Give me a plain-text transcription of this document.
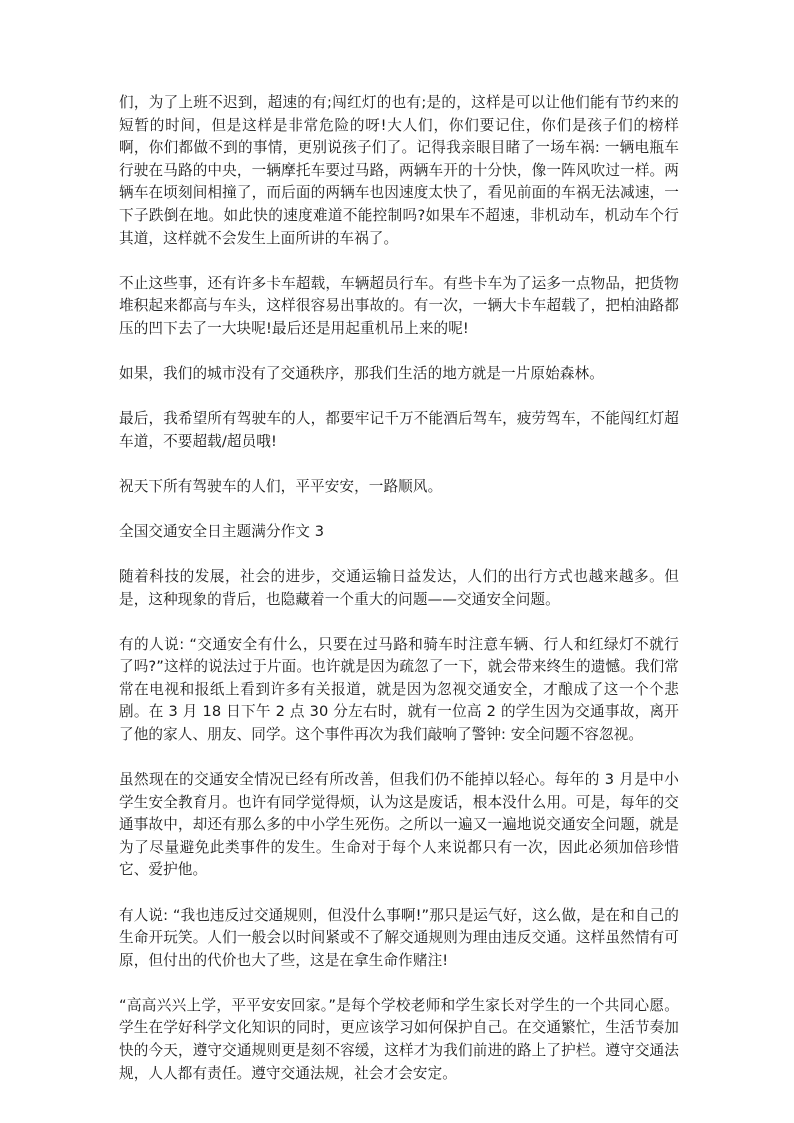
们，为了上班不迟到，超速的有;闯红灯的也有;是的，这样是可以让他们能有节约来的短暂的时间，但是这样是非常危险的呀!大人们，你们要记住，你们是孩子们的榜样啊，你们都做不到的事情，更别说孩子们了。记得我亲眼目睹了一场车祸: 一辆电瓶车行驶在马路的中央，一辆摩托车要过马路，两辆车开的十分快，像一阵风吹过一样。两辆车在顷刻间相撞了，而后面的两辆车也因速度太快了，看见前面的车祸无法减速，一下子跌倒在地。如此快的速度难道不能控制吗?如果车不超速，非机动车，机动车个行其道，这样就不会发生上面所讲的车祸了。

不止这些事，还有许多卡车超载，车辆超员行车。有些卡车为了运多一点物品，把货物堆积起来都高与车头，这样很容易出事故的。有一次，一辆大卡车超载了，把柏油路都压的凹下去了一大块呢!最后还是用起重机吊上来的呢!

如果，我们的城市没有了交通秩序，那我们生活的地方就是一片原始森林。

最后，我希望所有驾驶车的人，都要牢记千万不能酒后驾车，疲劳驾车，不能闯红灯超车道，不要超载/超员哦!

祝天下所有驾驶车的人们，平平安安，一路顺风。

全国交通安全日主题满分作文 3

随着科技的发展，社会的进步，交通运输日益发达，人们的出行方式也越来越多。但是，这种现象的背后，也隐藏着一个重大的问题——交通安全问题。

有的人说: “交通安全有什么，只要在过马路和骑车时注意车辆、行人和红绿灯不就行了吗?”这样的说法过于片面。也许就是因为疏忽了一下，就会带来终生的遗憾。我们常常在电视和报纸上看到许多有关报道，就是因为忽视交通安全，才酿成了这一个个悲剧。在 3 月 18 日下午 2 点 30 分左右时，就有一位高 2 的学生因为交通事故，离开了他的家人、朋友、同学。这个事件再次为我们敲响了警钟: 安全问题不容忽视。

虽然现在的交通安全情况已经有所改善，但我们仍不能掉以轻心。每年的 3 月是中小学生安全教育月。也许有同学觉得烦，认为这是废话，根本没什么用。可是，每年的交通事故中，却还有那么多的中小学生死伤。之所以一遍又一遍地说交通安全问题，就是为了尽量避免此类事件的发生。生命对于每个人来说都只有一次，因此必须加倍珍惜它、爱护他。

有人说: “我也违反过交通规则，但没什么事啊!”那只是运气好，这么做，是在和自己的生命开玩笑。人们一般会以时间紧或不了解交通规则为理由违反交通。这样虽然情有可原，但付出的代价也大了些，这是在拿生命作赌注!

“高高兴兴上学，平平安安回家。”是每个学校老师和学生家长对学生的一个共同心愿。学生在学好科学文化知识的同时，更应该学习如何保护自己。在交通繁忙，生活节奏加快的今天，遵守交通规则更是刻不容缓，这样才为我们前进的路上了护栏。遵守交通法规，人人都有责任。遵守交通法规，社会才会安定。
